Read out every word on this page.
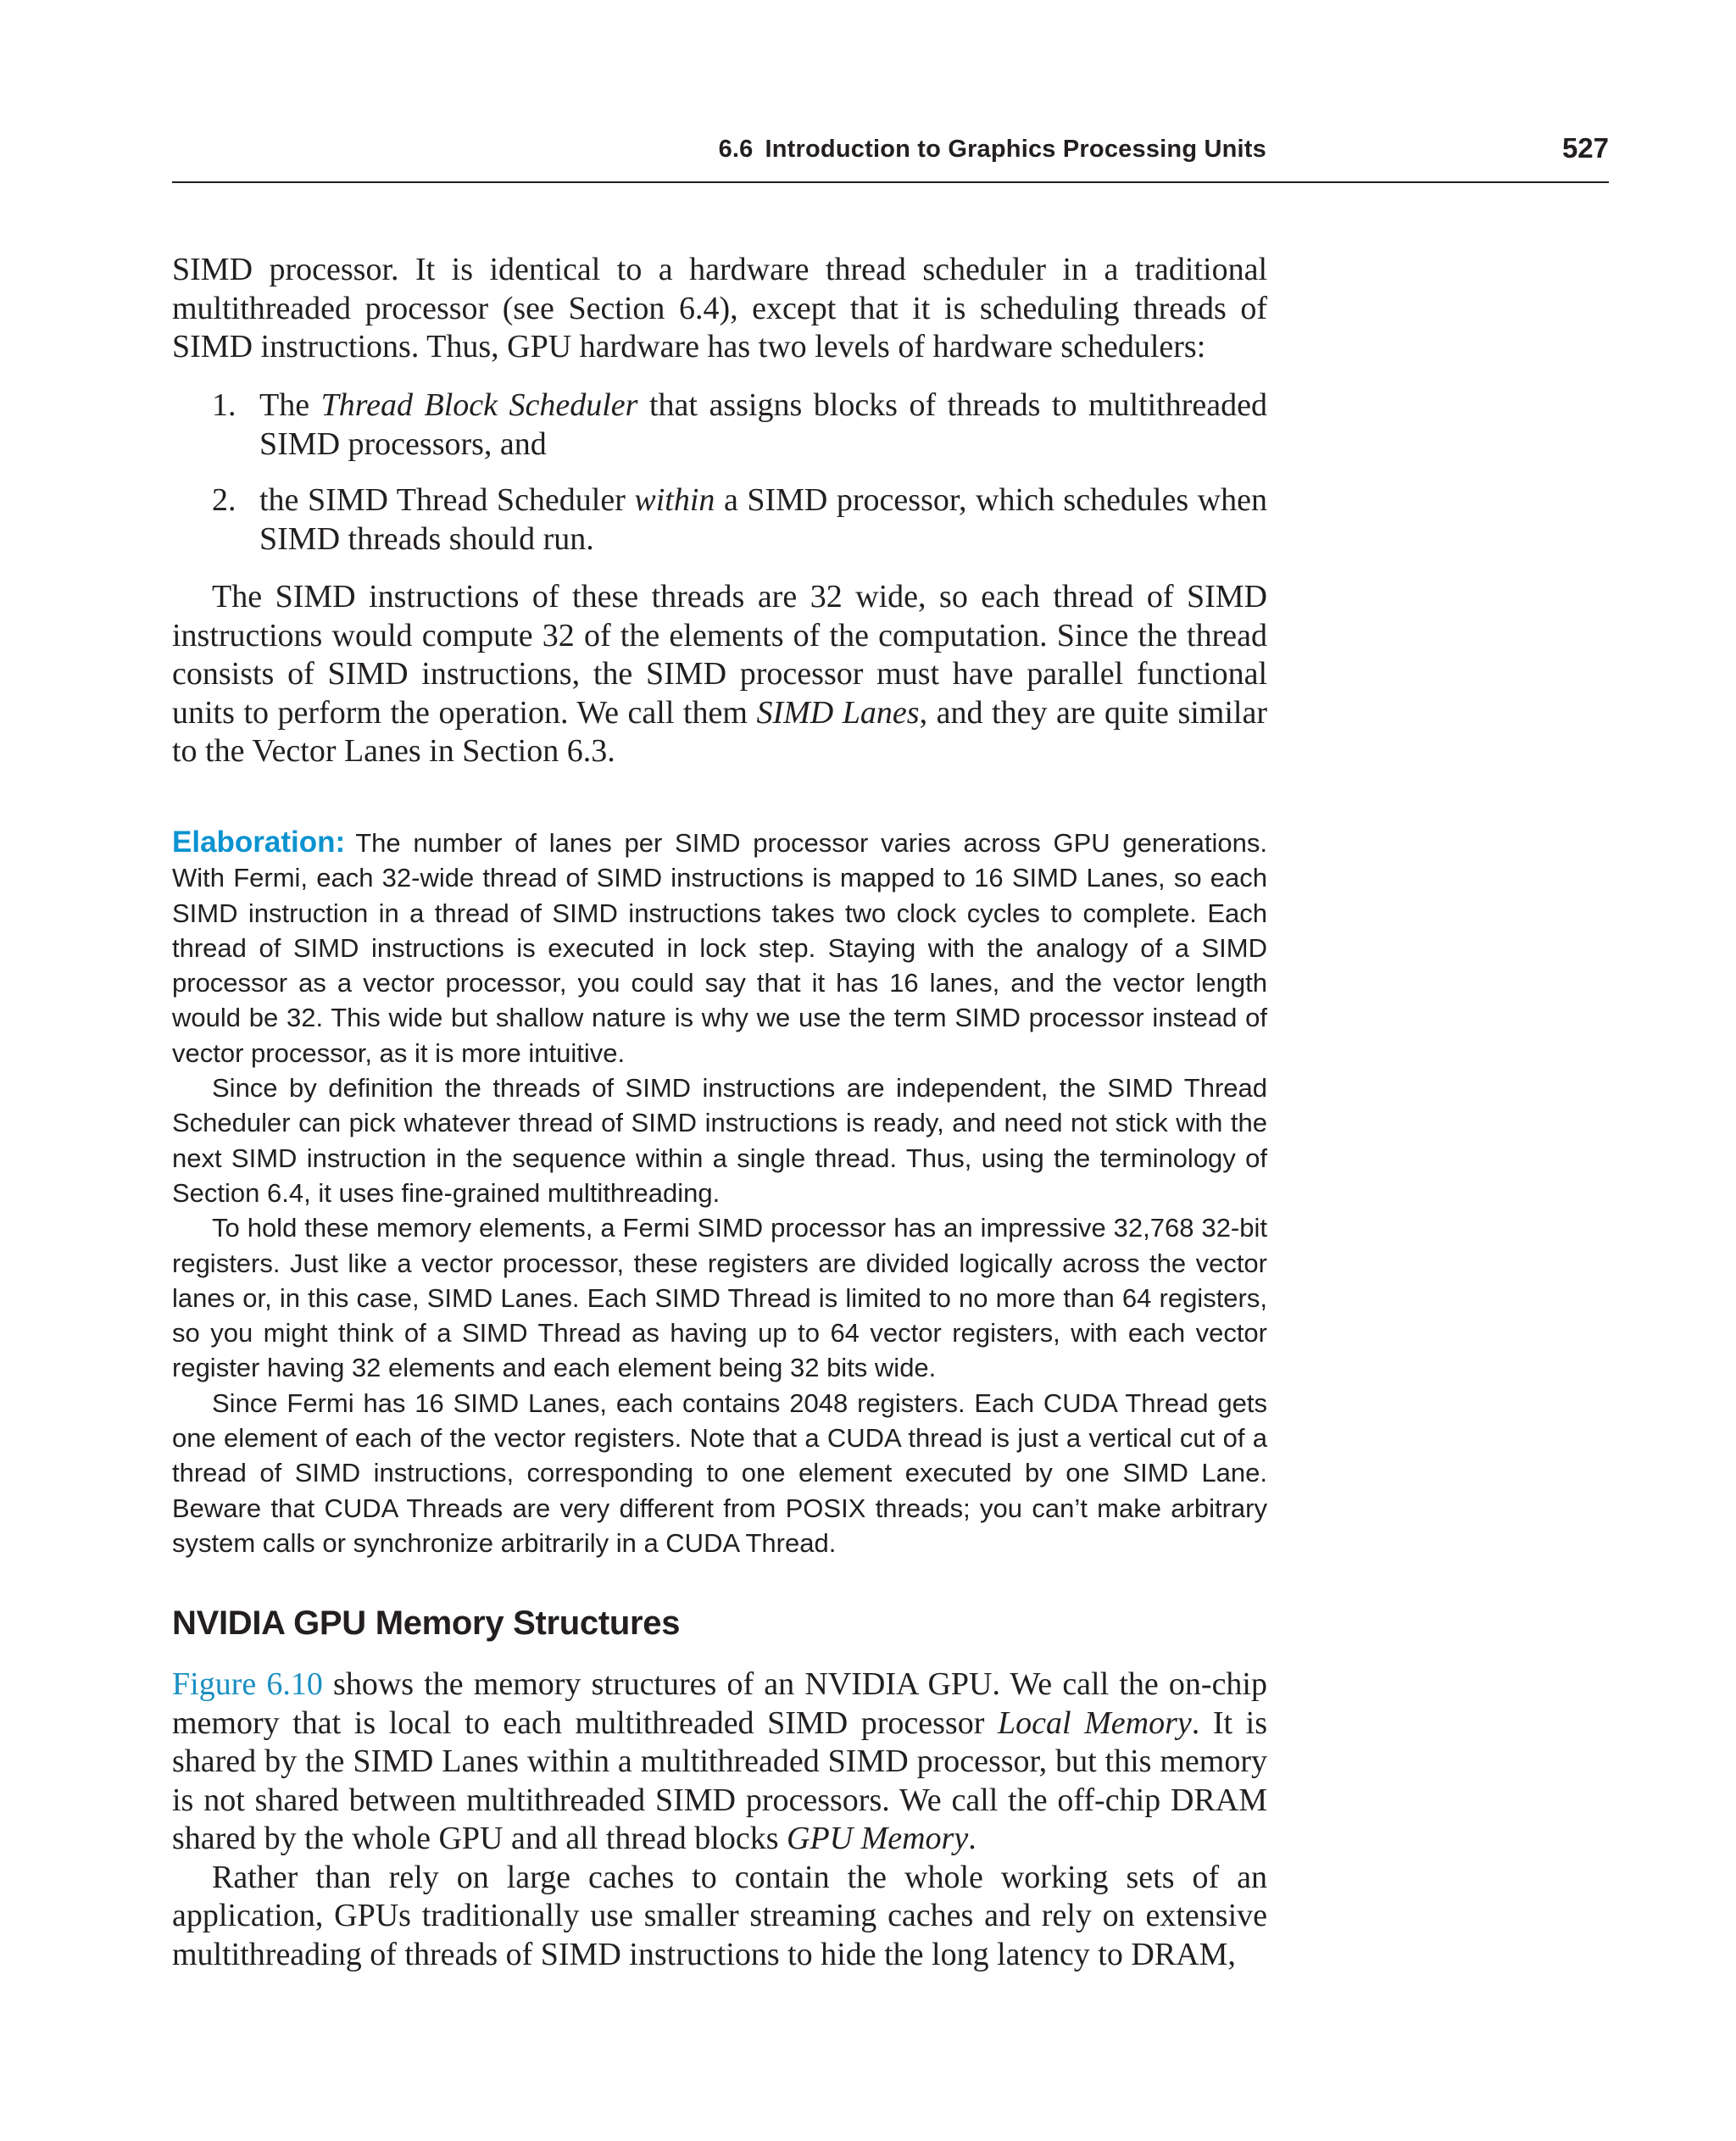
6.6 Introduction to Graphics Processing Units	527

SIMD processor. It is identical to a hardware thread scheduler in a traditional multithreaded processor (see Section 6.4), except that it is scheduling threads of SIMD instructions. Thus, GPU hardware has two levels of hardware schedulers:

1. The Thread Block Scheduler that assigns blocks of threads to multithreaded SIMD processors, and

2. the SIMD Thread Scheduler within a SIMD processor, which schedules when SIMD threads should run.

The SIMD instructions of these threads are 32 wide, so each thread of SIMD instructions would compute 32 of the elements of the computation. Since the thread consists of SIMD instructions, the SIMD processor must have parallel functional units to perform the operation. We call them SIMD Lanes, and they are quite similar to the Vector Lanes in Section 6.3.

Elaboration: The number of lanes per SIMD processor varies across GPU generations. With Fermi, each 32-wide thread of SIMD instructions is mapped to 16 SIMD Lanes, so each SIMD instruction in a thread of SIMD instructions takes two clock cycles to complete. Each thread of SIMD instructions is executed in lock step. Staying with the analogy of a SIMD processor as a vector processor, you could say that it has 16 lanes, and the vector length would be 32. This wide but shallow nature is why we use the term SIMD processor instead of vector processor, as it is more intuitive.

Since by definition the threads of SIMD instructions are independent, the SIMD Thread Scheduler can pick whatever thread of SIMD instructions is ready, and need not stick with the next SIMD instruction in the sequence within a single thread. Thus, using the terminology of Section 6.4, it uses fine-grained multithreading.

To hold these memory elements, a Fermi SIMD processor has an impressive 32,768 32-bit registers. Just like a vector processor, these registers are divided logically across the vector lanes or, in this case, SIMD Lanes. Each SIMD Thread is limited to no more than 64 registers, so you might think of a SIMD Thread as having up to 64 vector registers, with each vector register having 32 elements and each element being 32 bits wide.

Since Fermi has 16 SIMD Lanes, each contains 2048 registers. Each CUDA Thread gets one element of each of the vector registers. Note that a CUDA thread is just a vertical cut of a thread of SIMD instructions, corresponding to one element executed by one SIMD Lane. Beware that CUDA Threads are very different from POSIX threads; you can’t make arbitrary system calls or synchronize arbitrarily in a CUDA Thread.

NVIDIA GPU Memory Structures

Figure 6.10 shows the memory structures of an NVIDIA GPU. We call the on-chip memory that is local to each multithreaded SIMD processor Local Memory. It is shared by the SIMD Lanes within a multithreaded SIMD processor, but this memory is not shared between multithreaded SIMD processors. We call the off-chip DRAM shared by the whole GPU and all thread blocks GPU Memory.

Rather than rely on large caches to contain the whole working sets of an application, GPUs traditionally use smaller streaming caches and rely on extensive multithreading of threads of SIMD instructions to hide the long latency to DRAM,
